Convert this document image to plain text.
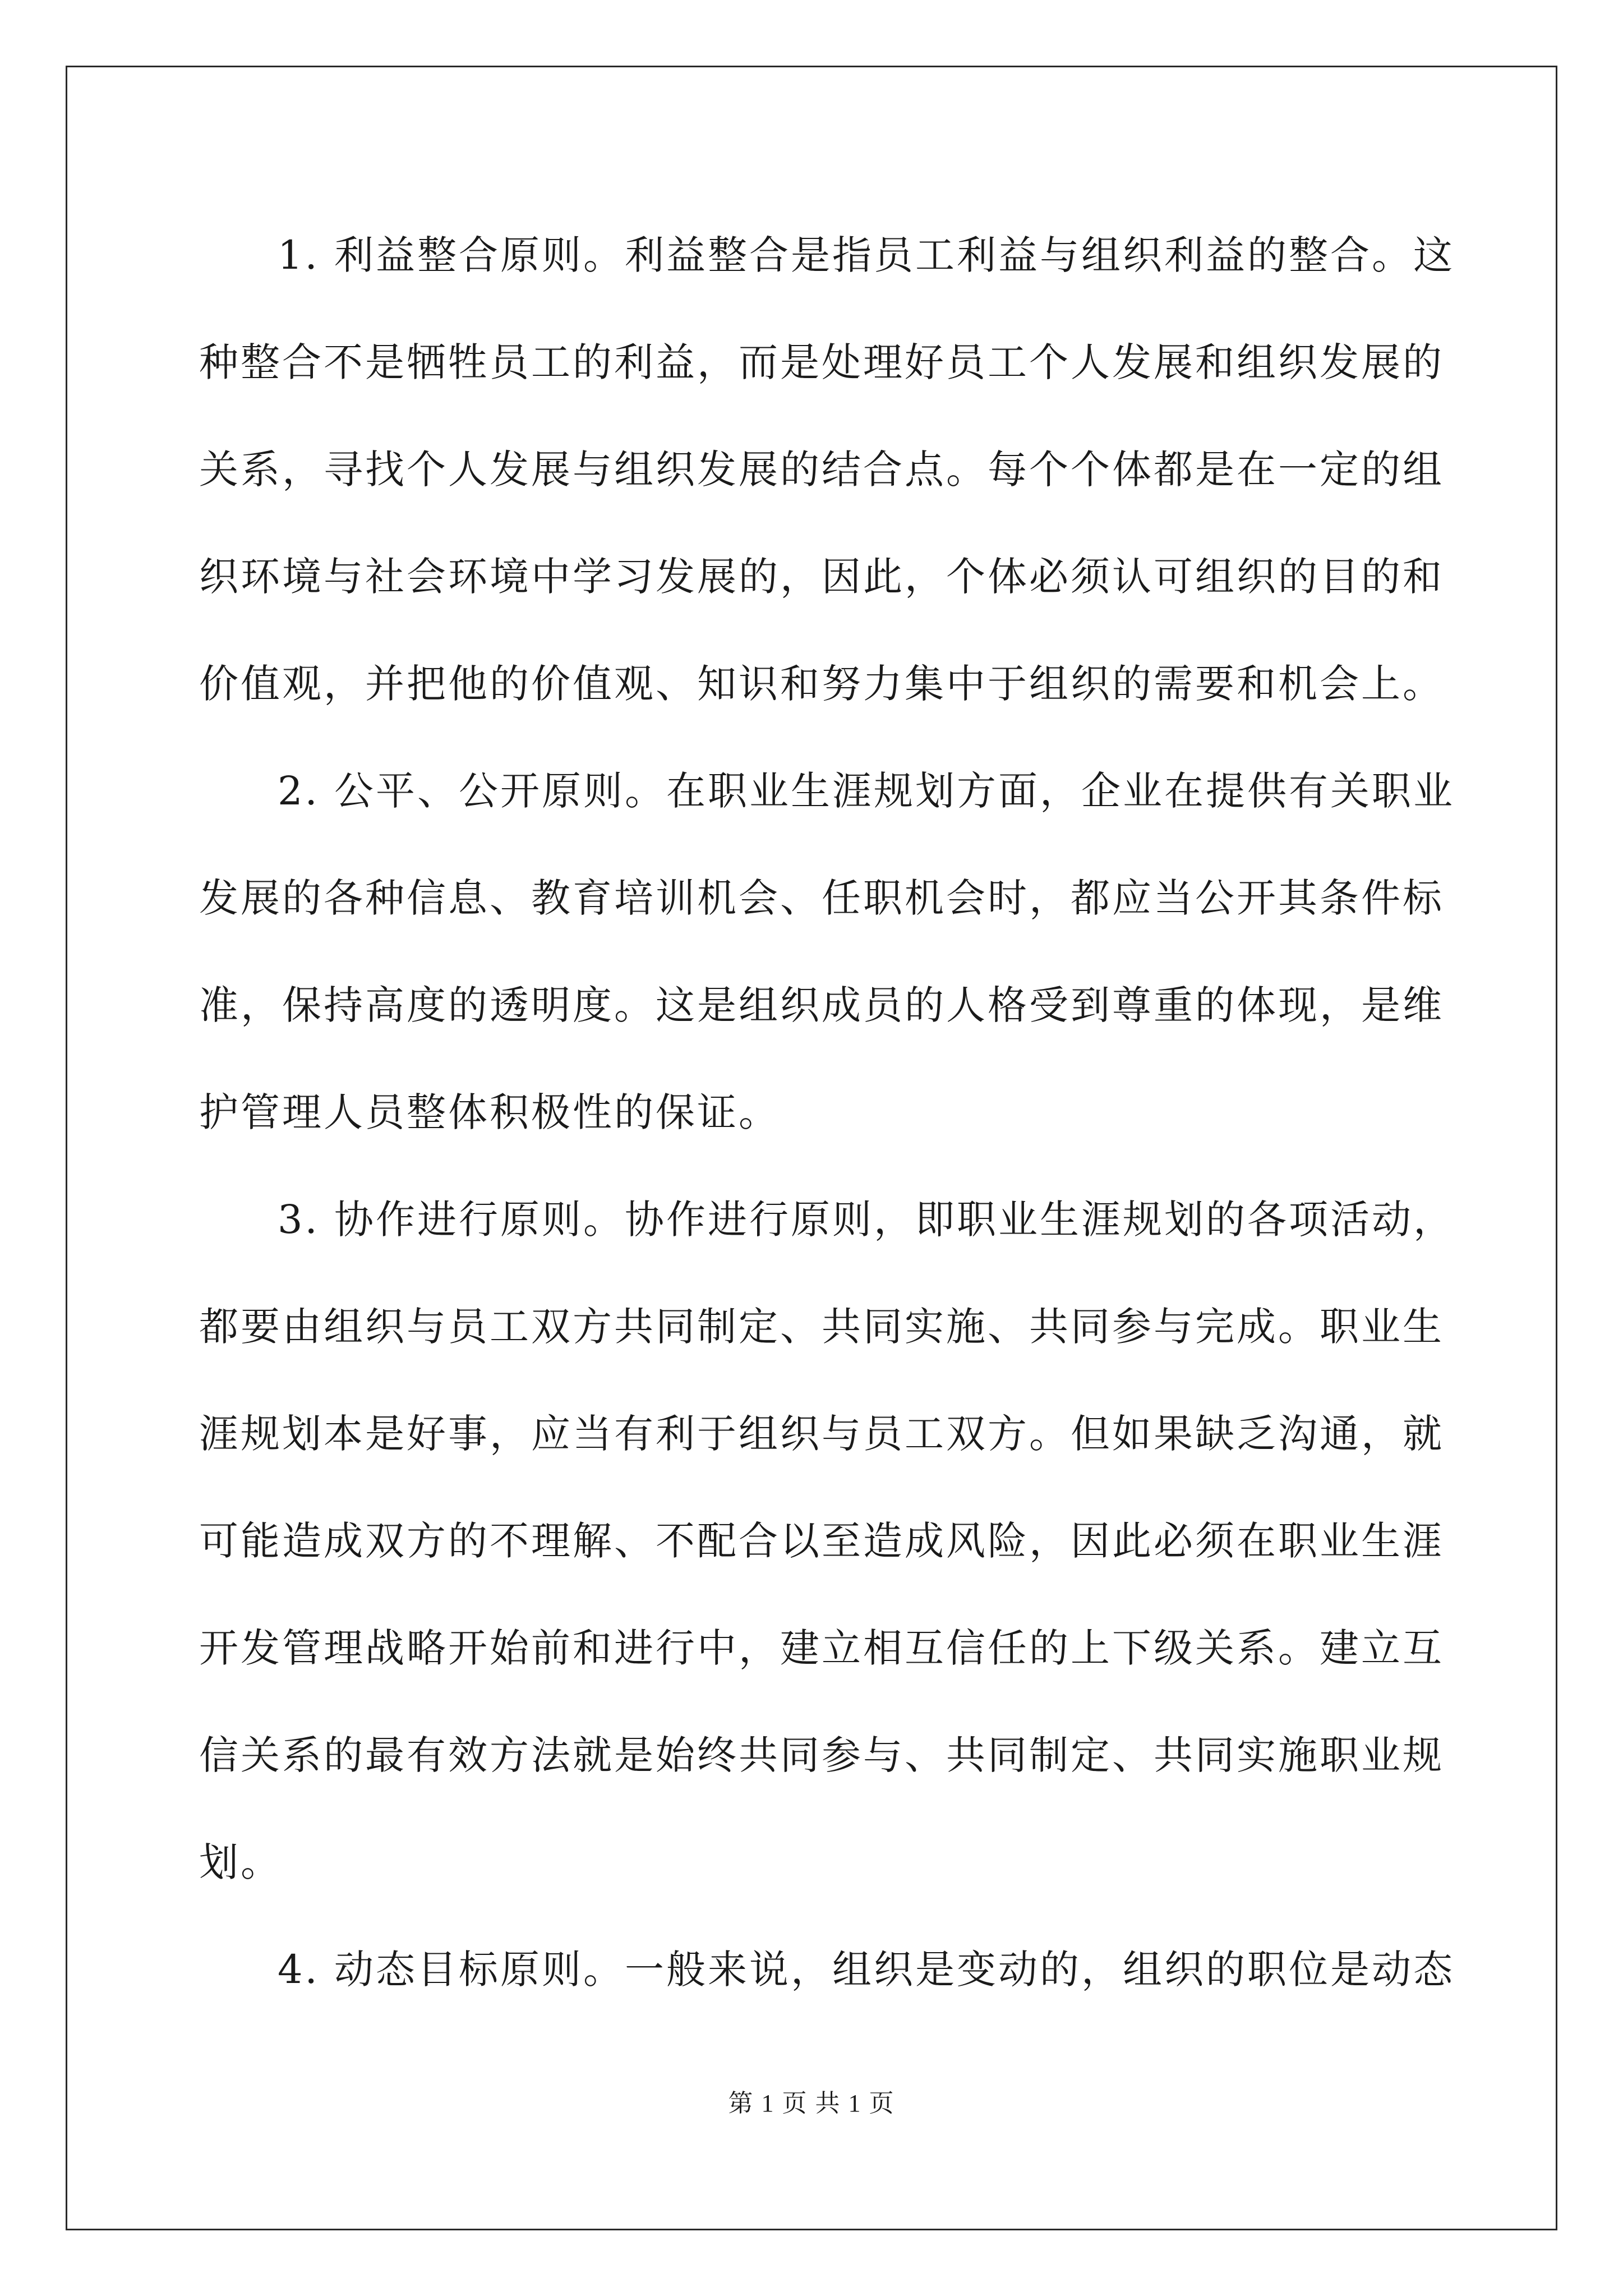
1. 利益整合原则。利益整合是指员工利益与组织利益的整合。这
种整合不是牺牲员工的利益，而是处理好员工个人发展和组织发展的
关系，寻找个人发展与组织发展的结合点。每个个体都是在一定的组
织环境与社会环境中学习发展的，因此，个体必须认可组织的目的和
价值观，并把他的价值观、知识和努力集中于组织的需要和机会上。
2. 公平、公开原则。在职业生涯规划方面，企业在提供有关职业
发展的各种信息、教育培训机会、任职机会时，都应当公开其条件标
准，保持高度的透明度。这是组织成员的人格受到尊重的体现，是维
护管理人员整体积极性的保证。
3. 协作进行原则。协作进行原则，即职业生涯规划的各项活动，
都要由组织与员工双方共同制定、共同实施、共同参与完成。职业生
涯规划本是好事，应当有利于组织与员工双方。但如果缺乏沟通，就
可能造成双方的不理解、不配合以至造成风险，因此必须在职业生涯
开发管理战略开始前和进行中，建立相互信任的上下级关系。建立互
信关系的最有效方法就是始终共同参与、共同制定、共同实施职业规
划。
4. 动态目标原则。一般来说，组织是变动的，组织的职位是动态
第 1 页 共 1 页
